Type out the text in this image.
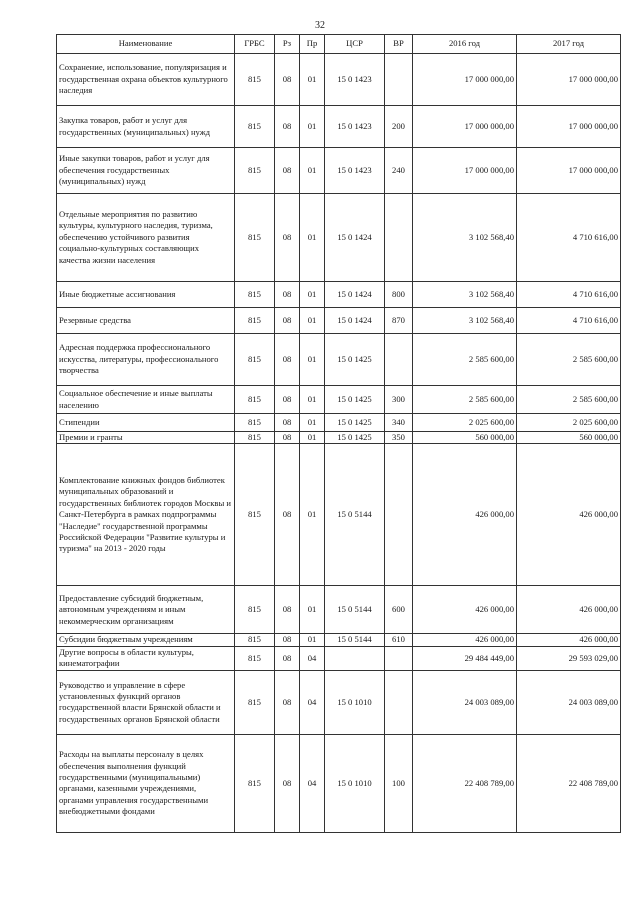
32
Наименование	ГРБС	Рз	Пр	ЦСР	ВР	2016 год	2017 год
Сохранение, использование, популяризация и государственная охрана объектов культурного наследия	815	08	01	15 0 1423		17 000 000,00	17 000 000,00
Закупка товаров, работ и услуг для государственных (муниципальных) нужд	815	08	01	15 0 1423	200	17 000 000,00	17 000 000,00
Иные закупки товаров, работ и услуг для обеспечения государственных (муниципальных) нужд	815	08	01	15 0 1423	240	17 000 000,00	17 000 000,00
Отдельные мероприятия по развитию культуры, культурного наследия, туризма, обеспечению устойчивого развития социально-культурных составляющих качества жизни населения	815	08	01	15 0 1424		3 102 568,40	4 710 616,00
Иные бюджетные ассигнования	815	08	01	15 0 1424	800	3 102 568,40	4 710 616,00
Резервные средства	815	08	01	15 0 1424	870	3 102 568,40	4 710 616,00
Адресная поддержка профессионального искусства, литературы, профессионального творчества	815	08	01	15 0 1425		2 585 600,00	2 585 600,00
Социальное обеспечение и иные выплаты населению	815	08	01	15 0 1425	300	2 585 600,00	2 585 600,00
Стипендии	815	08	01	15 0 1425	340	2 025 600,00	2 025 600,00
Премии и гранты	815	08	01	15 0 1425	350	560 000,00	560 000,00
Комплектование книжных фондов библиотек муниципальных образований и государственных библиотек городов Москвы и Санкт-Петербурга в рамках подпрограммы "Наследие" государственной программы Российской Федерации "Развитие культуры и туризма" на 2013 - 2020 годы	815	08	01	15 0 5144		426 000,00	426 000,00
Предоставление субсидий бюджетным, автономным учреждениям и иным некоммерческим организациям	815	08	01	15 0 5144	600	426 000,00	426 000,00
Субсидии бюджетным учреждениям	815	08	01	15 0 5144	610	426 000,00	426 000,00
Другие вопросы в области культуры, кинематографии	815	08	04			29 484 449,00	29 593 029,00
Руководство и управление в сфере установленных функций органов государственной власти Брянской области и государственных органов Брянской области	815	08	04	15 0 1010		24 003 089,00	24 003 089,00
Расходы на выплаты персоналу в целях обеспечения выполнения функций государственными (муниципальными) органами, казенными учреждениями, органами управления государственными внебюджетными фондами	815	08	04	15 0 1010	100	22 408 789,00	22 408 789,00
